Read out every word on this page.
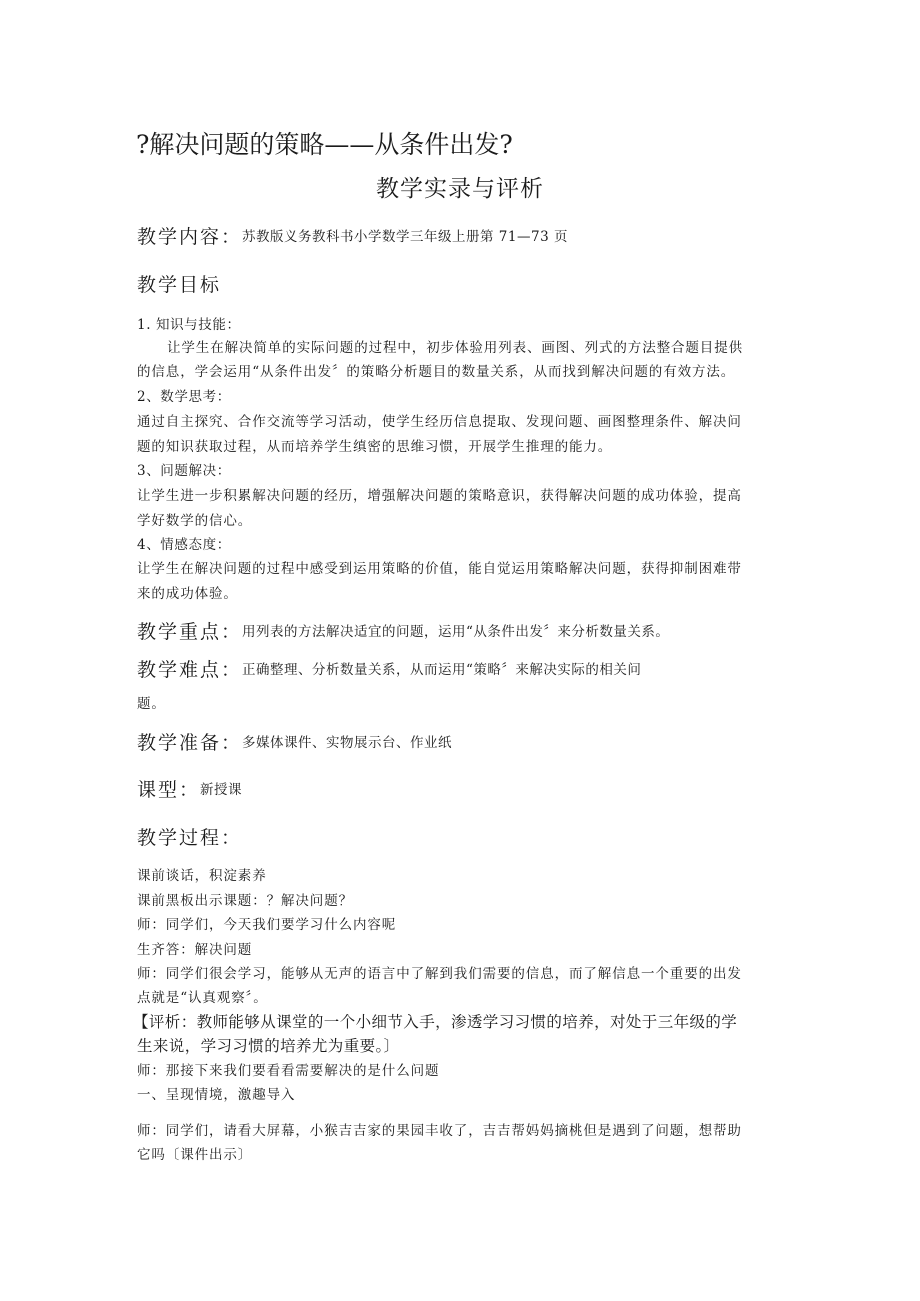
?解决问题的策略——从条件出发?
教学实录与评析
教学内容：苏教版义务教科书小学数学三年级上册第 71—73 页
教学目标
1. 知识与技能：
让学生在解决简单的实际问题的过程中，初步体验用列表、画图、列式的方法整合题目提供
的信息，学会运用“从条件出发〞的策略分析题目的数量关系，从而找到解决问题的有效方法。
2、数学思考：
通过自主探究、合作交流等学习活动，使学生经历信息提取、发现问题、画图整理条件、解决问
题的知识获取过程，从而培养学生缜密的思维习惯，开展学生推理的能力。
3、问题解决：
让学生进一步积累解决问题的经历，增强解决问题的策略意识，获得解决问题的成功体验，提高
学好数学的信心。
4、情感态度：
让学生在解决问题的过程中感受到运用策略的价值，能自觉运用策略解决问题，获得抑制困难带
来的成功体验。
教学重点：用列表的方法解决适宜的问题，运用“从条件出发〞来分析数量关系。
教学难点：正确整理、分析数量关系，从而运用“策略〞来解决实际的相关问
题。
教学准备：多媒体课件、实物展示台、作业纸
课型：新授课
教学过程：
课前谈话，积淀素养
课前黑板出示课题：？解决问题？
师：同学们，今天我们要学习什么内容呢
生齐答：解决问题
师：同学们很会学习，能够从无声的语言中了解到我们需要的信息，而了解信息一个重要的出发
点就是“认真观察〞。
【评析：教师能够从课堂的一个小细节入手，渗透学习习惯的培养，对处于三年级的学
生来说，学习习惯的培养尤为重要。〕
师：那接下来我们要看看需要解决的是什么问题
一、呈现情境，激趣导入
师：同学们，请看大屏幕，小猴吉吉家的果园丰收了，吉吉帮妈妈摘桃但是遇到了问题，想帮助
它吗〔课件出示〕
